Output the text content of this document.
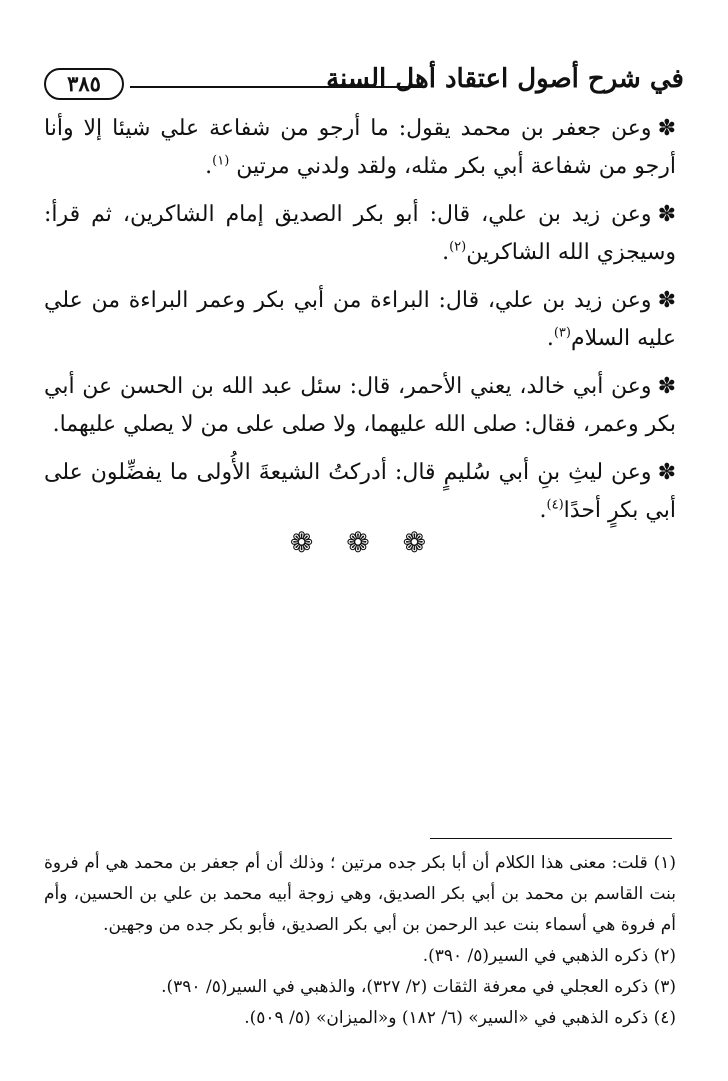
في شرح أصول اعتقاد أهل السنة
٣٨٥

✽وعن جعفر بن محمد يقول: ما أرجو من شفاعة علي شيئا إلا وأنا أرجو من شفاعة أبي بكر مثله، ولقد ولدني مرتين $^{(١)}$.

✽وعن زيد بن علي، قال: أبو بكر الصديق إمام الشاكرين، ثم قرأ: وسيجزي الله الشاكرين$^{(٢)}$.

✽وعن زيد بن علي، قال: البراءة من أبي بكر وعمر البراءة من علي عليه السلام$^{(٣)}$.

✽وعن أبي خالد، يعني الأحمر، قال: سئل عبد الله بن الحسن عن أبي بكر وعمر، فقال: صلى الله عليهما، ولا صلى على من لا يصلي عليهما.

✽وعن ليثِ بنِ أبي سُليمٍ قال: أدركتُ الشيعةَ الأُولى ما يفضِّلون على أبي بكرٍ أحدًا$^{(٤)}$.

❁ ❁ ❁

(١) قلت: معنى هذا الكلام أن أبا بكر جده مرتين ؛ وذلك أن أم جعفر بن محمد هي أم فروة بنت القاسم بن محمد بن أبي بكر الصديق، وهي زوجة أبيه محمد بن علي بن الحسين، وأم أم فروة هي أسماء بنت عبد الرحمن بن أبي بكر الصديق، فأبو بكر جده من وجهين.

(٢) ذكره الذهبي في السير(٥/ ٣٩٠).

(٣) ذكره العجلي في معرفة الثقات (٢/ ٣٢٧)، والذهبي في السير(٥/ ٣٩٠).

(٤) ذكره الذهبي في «السير» (٦/ ١٨٢) و«الميزان» (٥/ ٥٠٩).
